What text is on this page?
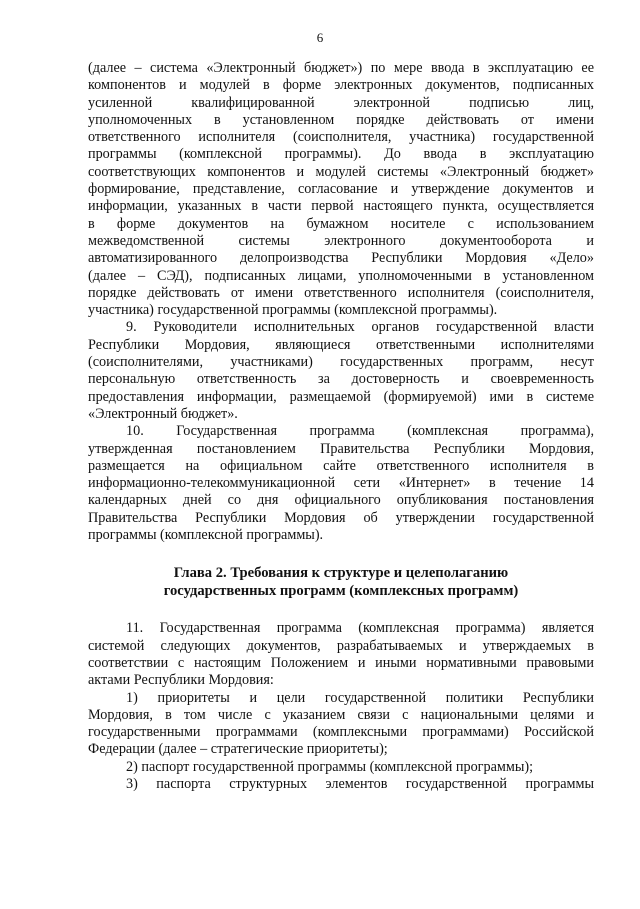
6
(далее – система «Электронный бюджет») по мере ввода в эксплуатацию ее
компонентов и модулей в форме электронных документов, подписанных
усиленной квалифицированной электронной подписью лиц,
уполномоченных в установленном порядке действовать от имени
ответственного исполнителя (соисполнителя, участника) государственной
программы (комплексной программы). До ввода в эксплуатацию
соответствующих компонентов и модулей системы «Электронный бюджет»
формирование, представление, согласование и утверждение документов и
информации, указанных в части первой настоящего пункта, осуществляется
в форме документов на бумажном носителе с использованием
межведомственной системы электронного документооборота и
автоматизированного делопроизводства Республики Мордовия «Дело»
(далее – СЭД), подписанных лицами, уполномоченными в установленном
порядке действовать от имени ответственного исполнителя (соисполнителя,
участника) государственной программы (комплексной программы).
9. Руководители исполнительных органов государственной власти
Республики Мордовия, являющиеся ответственными исполнителями
(соисполнителями, участниками) государственных программ, несут
персональную ответственность за достоверность и своевременность
предоставления информации, размещаемой (формируемой) ими в системе
«Электронный бюджет».
10. Государственная программа (комплексная программа),
утвержденная постановлением Правительства Республики Мордовия,
размещается на официальном сайте ответственного исполнителя в
информационно-телекоммуникационной сети «Интернет» в течение 14
календарных дней со дня официального опубликования постановления
Правительства Республики Мордовия об утверждении государственной
программы (комплексной программы).
Глава 2. Требования к структуре и целеполаганию
государственных программ (комплексных программ)
11. Государственная программа (комплексная программа) является
системой следующих документов, разрабатываемых и утверждаемых в
соответствии с настоящим Положением и иными нормативными правовыми
актами Республики Мордовия:
1) приоритеты и цели государственной политики Республики
Мордовия, в том числе с указанием связи с национальными целями и
государственными программами (комплексными программами) Российской
Федерации (далее – стратегические приоритеты);
2) паспорт государственной программы (комплексной программы);
3) паспорта структурных элементов государственной программы
